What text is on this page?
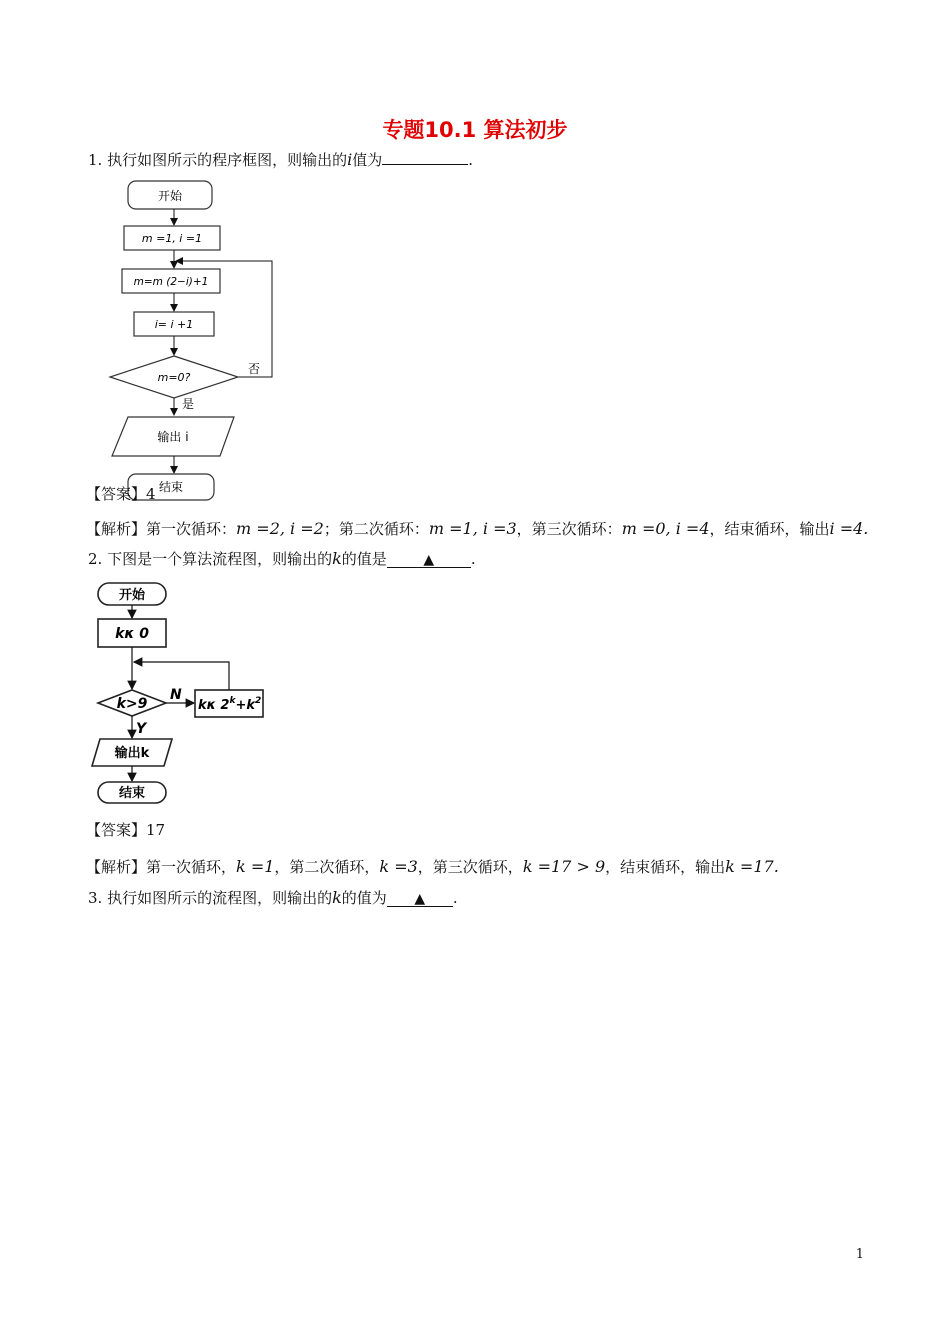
专题10.1 算法初步
1. 执行如图所示的程序框图，则输出的i值为	.
开始
m =1, i =1
m=m (2−i)+1
i= i +1
m=0?
否
是
输出 i
结束
【答案】4
【解析】第一次循环：m =2, i =2；第二次循环：m =1, i =3，第三次循环：m =0, i =4，结束循环，输出i =4.
2. 下图是一个算法流程图，则输出的k的值是	▲ .
开始
kκ 0
k>9
N
kκ $2^k+k^2$
Y
输出k
结束
【答案】17
【解析】第一次循环，k =1，第二次循环，k =3，第三次循环，k =17 > 9，结束循环，输出k =17.
3. 执行如图所示的流程图，则输出的k的值为 ▲ .
1
